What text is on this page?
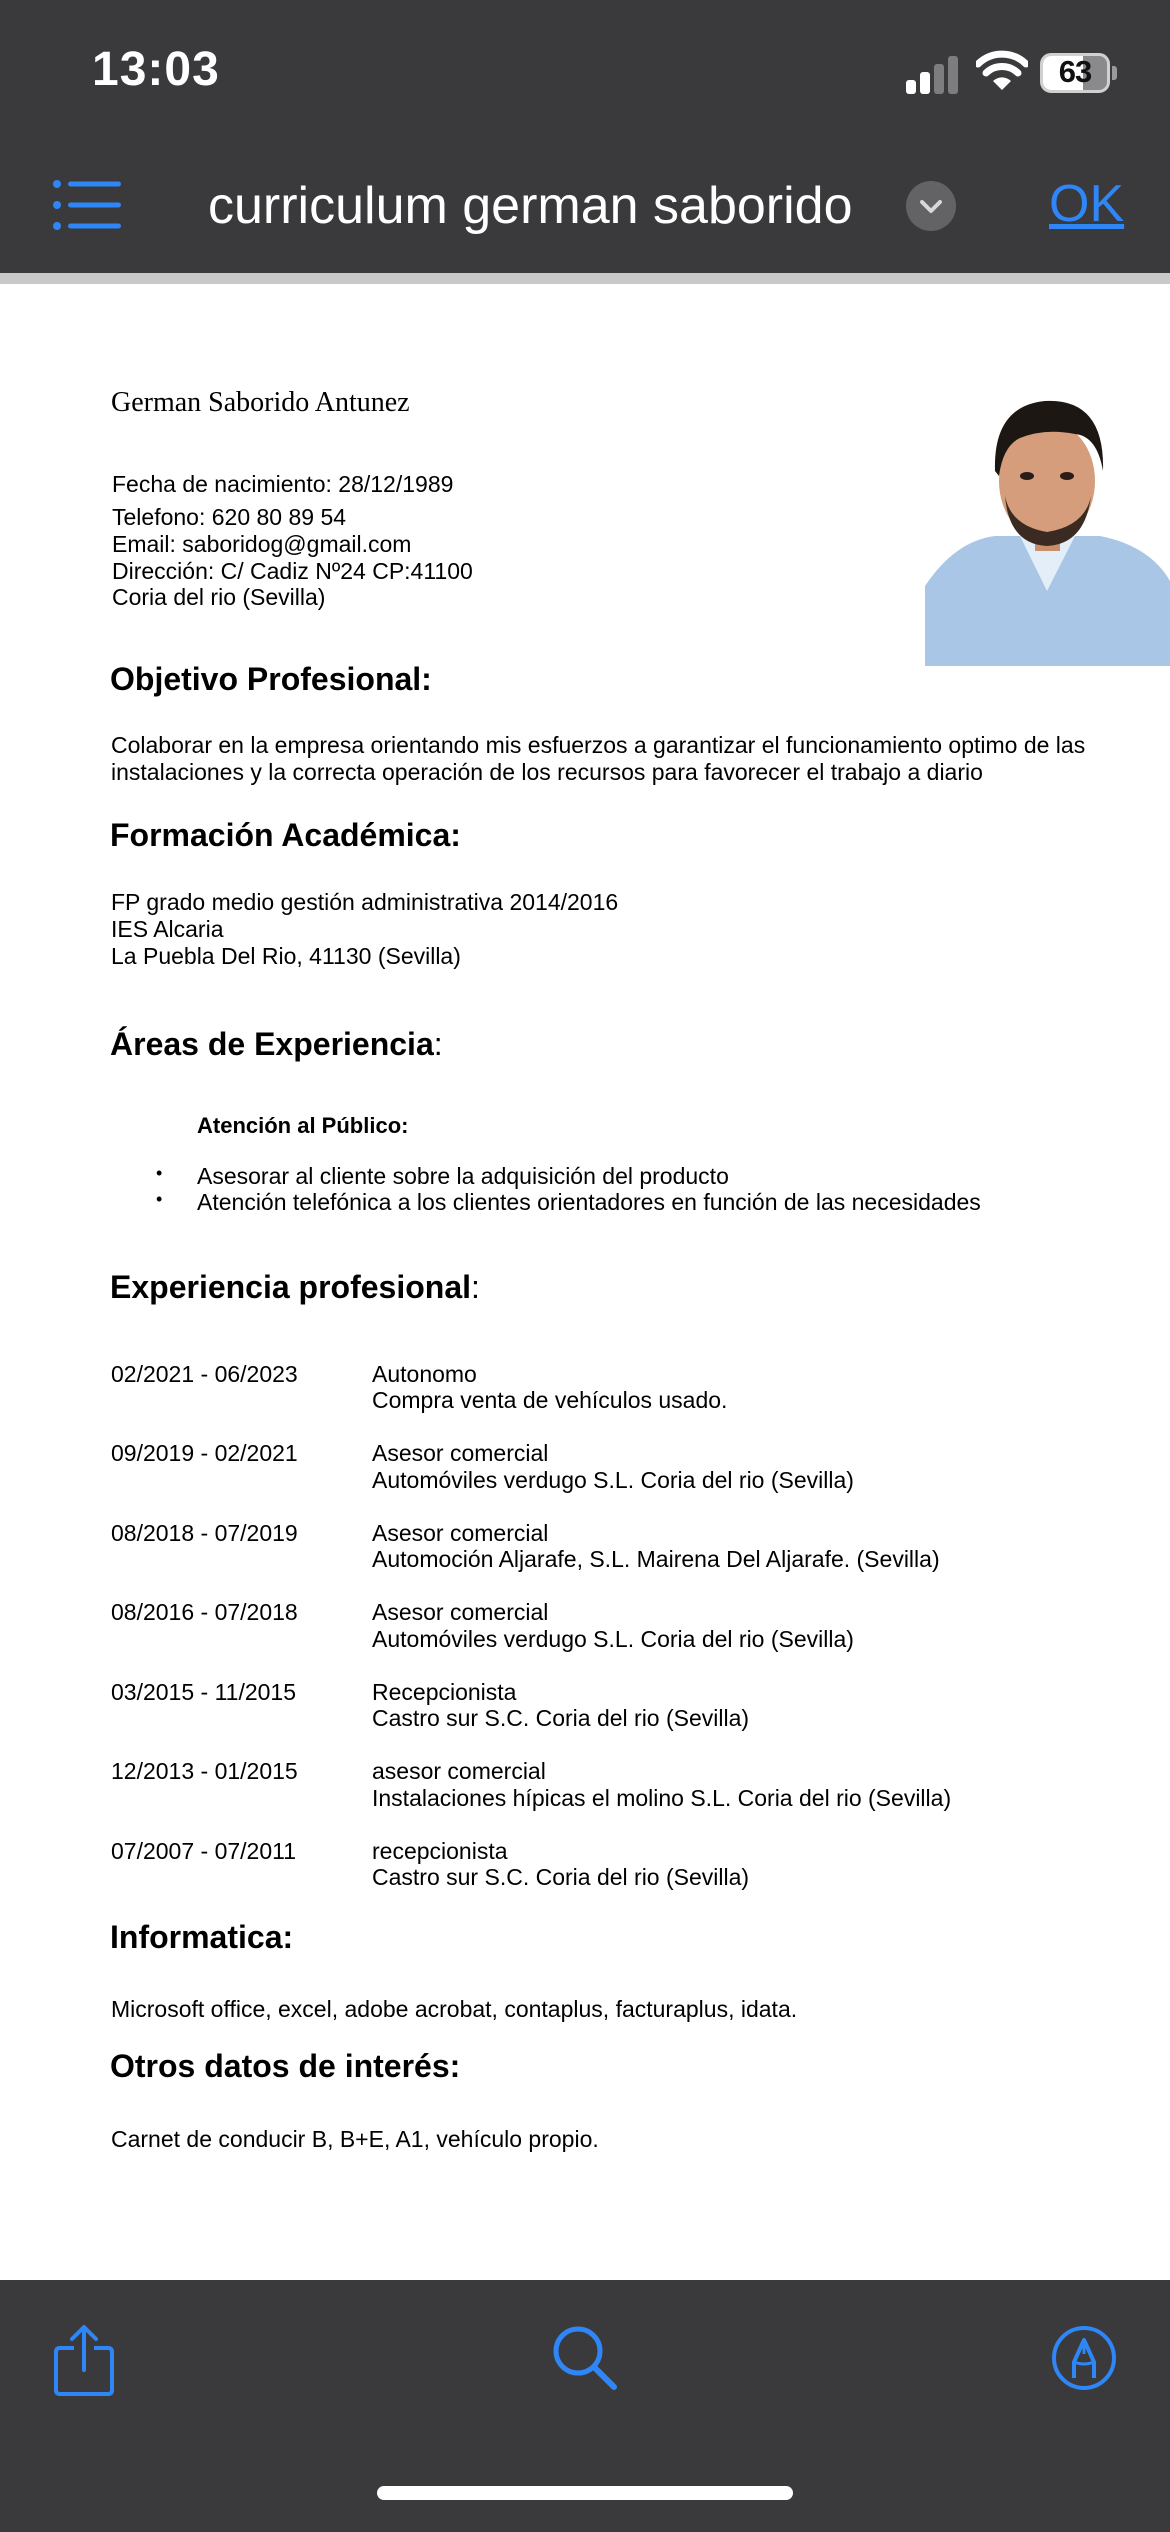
13:03	63
curriculum german saborido	OK
German Saborido Antunez
Fecha de nacimiento: 28/12/1989
Telefono: 620 80 89 54
Email: saboridog@gmail.com
Dirección: C/ Cadiz Nº24 CP:41100
Coria del rio (Sevilla)
Objetivo Profesional:
Colaborar en la empresa orientando mis esfuerzos a garantizar el funcionamiento optimo de las
instalaciones y la correcta operación de los recursos para favorecer el trabajo a diario
Formación Académica:
FP grado medio gestión administrativa 2014/2016
IES Alcaria
La Puebla Del Rio, 41130 (Sevilla)
Áreas de Experiencia:
Atención al Público:
• Asesorar al cliente sobre la adquisición del producto
• Atención telefónica a los clientes orientadores en función de las necesidades
Experiencia profesional:
02/2021 - 06/2023	Autonomo
Compra venta de vehículos usado.
09/2019 - 02/2021	Asesor comercial
Automóviles verdugo S.L. Coria del rio (Sevilla)
08/2018 - 07/2019	Asesor comercial
Automoción Aljarafe, S.L. Mairena Del Aljarafe. (Sevilla)
08/2016 - 07/2018	Asesor comercial
Automóviles verdugo S.L. Coria del rio (Sevilla)
03/2015 - 11/2015	Recepcionista
Castro sur S.C. Coria del rio (Sevilla)
12/2013 - 01/2015	asesor comercial
Instalaciones hípicas el molino S.L. Coria del rio (Sevilla)
07/2007 - 07/2011	recepcionista
Castro sur S.C. Coria del rio (Sevilla)
Informatica:
Microsoft office, excel, adobe acrobat, contaplus, facturaplus, idata.
Otros datos de interés:
Carnet de conducir B, B+E, A1, vehículo propio.
